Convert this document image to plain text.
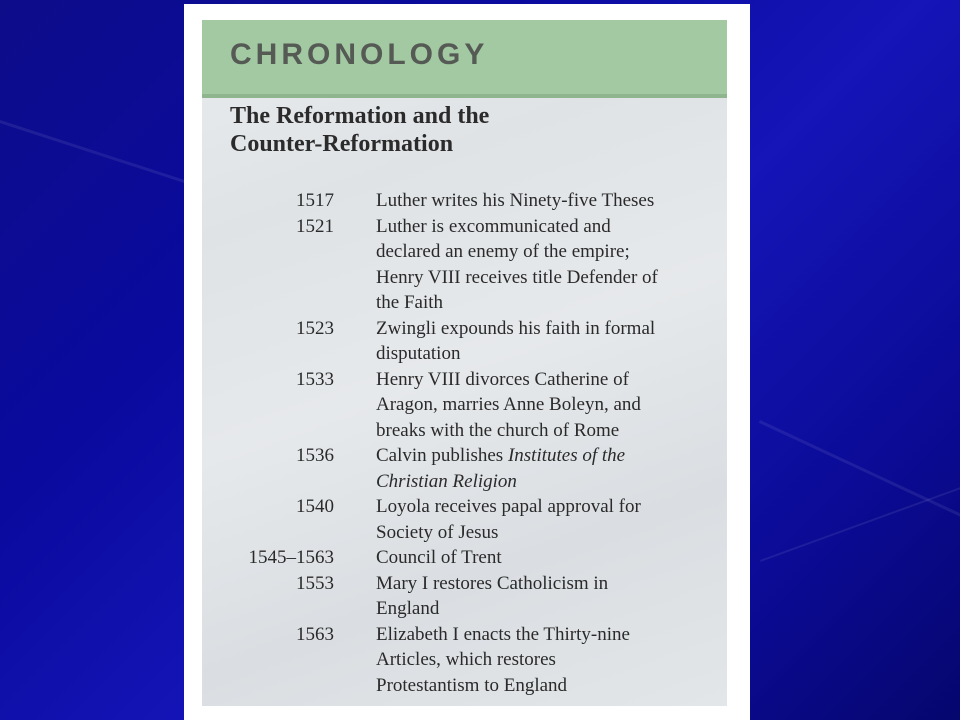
CHRONOLOGY
The Reformation and the
Counter-Reformation
1517 Luther writes his Ninety-five Theses
1521 Luther is excommunicated and
declared an enemy of the empire;
Henry VIII receives title Defender of
the Faith
1523 Zwingli expounds his faith in formal
disputation
1533 Henry VIII divorces Catherine of
Aragon, marries Anne Boleyn, and
breaks with the church of Rome
1536 Calvin publishes Institutes of the
Christian Religion
1540 Loyola receives papal approval for
Society of Jesus
1545–1563 Council of Trent
1553 Mary I restores Catholicism in
England
1563 Elizabeth I enacts the Thirty-nine
Articles, which restores
Protestantism to England
